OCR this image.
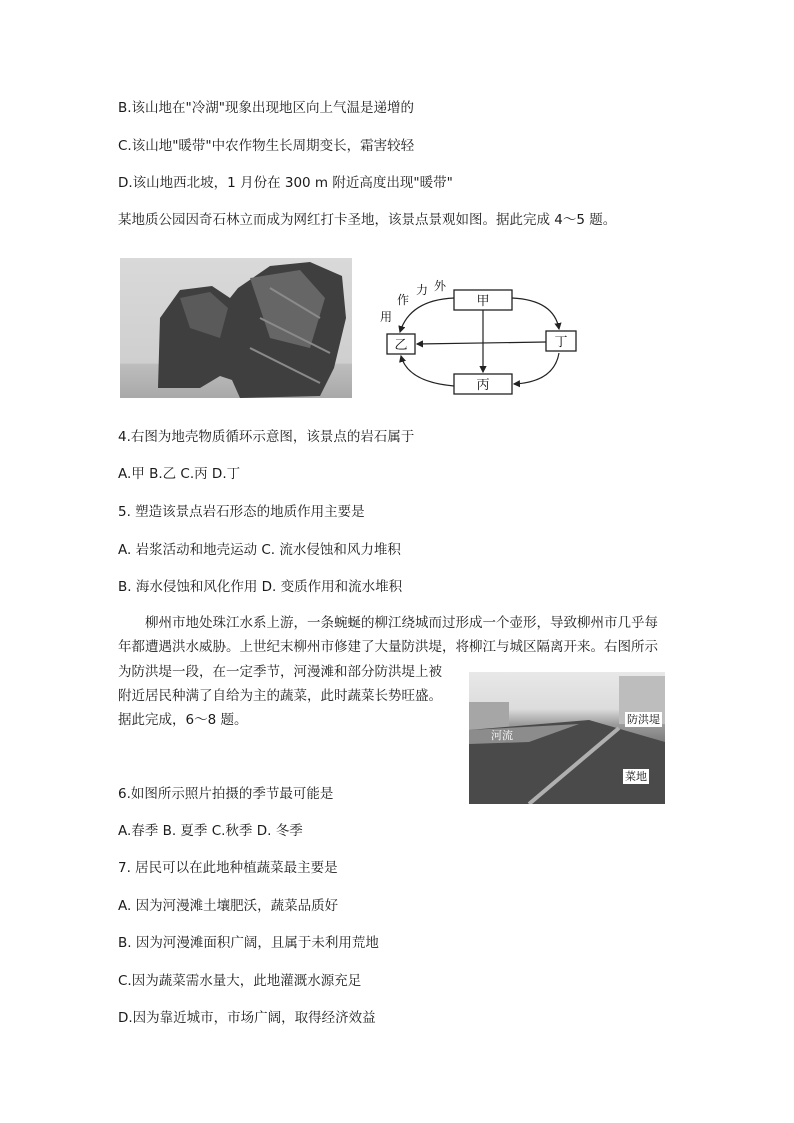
B.该山地在"冷湖"现象出现地区向上气温是递增的
C.该山地"暖带"中农作物生长周期变长，霜害较轻
D.该山地西北坡，1 月份在 300 m 附近高度出现"暖带"
某地质公园因奇石林立而成为网红打卡圣地，该景点景观如图。据此完成 4～5 题。
甲
乙
丙
丁
外
力
作
用
4.右图为地壳物质循环示意图，该景点的岩石属于
A.甲 B.乙 C.丙 D.丁
5. 塑造该景点岩石形态的地质作用主要是
A. 岩浆活动和地壳运动 C. 流水侵蚀和风力堆积
B. 海水侵蚀和风化作用 D. 变质作用和流水堆积
柳州市地处珠江水系上游，一条蜿蜒的柳江绕城而过形成一个壶形，导致柳州市几乎每
年都遭遇洪水威胁。上世纪末柳州市修建了大量防洪堤，将柳江与城区隔离开来。右图所示
为防洪堤一段，在一定季节，河漫滩和部分防洪堤上被
附近居民种满了自给为主的蔬菜，此时蔬菜长势旺盛。
据此完成，6～8 题。	防洪堤
河流
菜地
6.如图所示照片拍摄的季节最可能是
A.春季 B. 夏季 C.秋季 D. 冬季
7. 居民可以在此地种植蔬菜最主要是
A. 因为河漫滩土壤肥沃，蔬菜品质好
B. 因为河漫滩面积广阔，且属于未利用荒地
C.因为蔬菜需水量大，此地灌溉水源充足
D.因为靠近城市，市场广阔，取得经济效益
